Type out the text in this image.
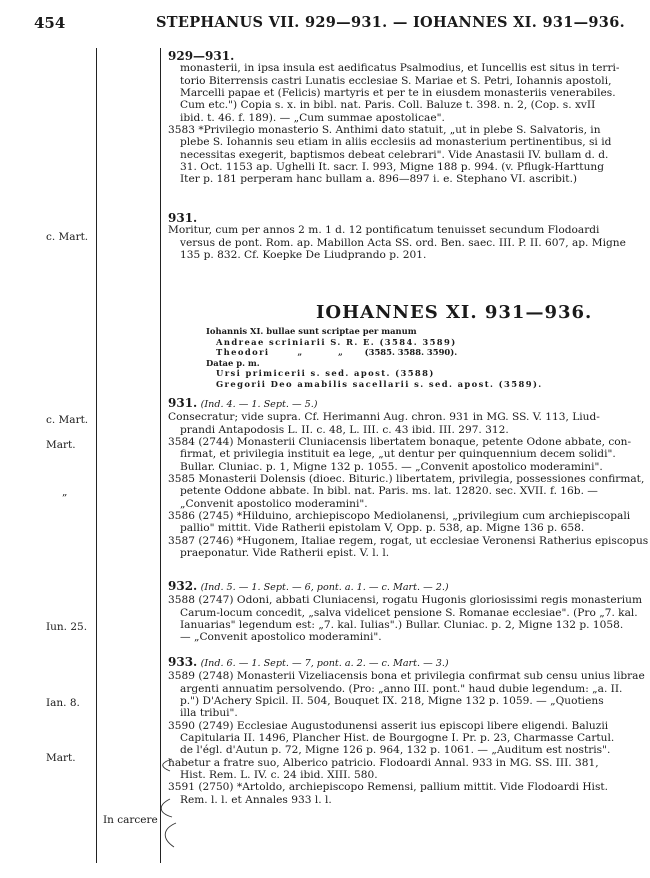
454	STEPHANUS VII. 929—931. — IOHANNES XI. 931—936.
c. Mart.
c. Mart.
Mart.
„
Iun. 25.
Ian. 8.
Mart.
In carcere
929—931.
monasterii, in ipsa insula est aedificatus Psalmodius, et Iuncellis est situs in terri-
torio Biterrensis castri Lunatis ecclesiae S. Mariae et S. Petri, Iohannis apostoli,
Marcelli papae et (Felicis) martyris et per te in eiusdem monasteriis venerabiles.
Cum etc.") Copia s. x. in bibl. nat. Paris. Coll. Baluze t. 398. n. 2, (Cop. s. xvII
ibid. t. 46. f. 189). — „Cum summae apostolicae".
3583 *Privilegio monasterio S. Anthimi dato statuit, „ut in plebe S. Salvatoris, in
plebe S. Iohannis seu etiam in aliis ecclesiis ad monasterium pertinentibus, si id
necessitas exegerit, baptismos debeat celebrari". Vide Anastasii IV. bullam d. d.
31. Oct. 1153 ap. Ughelli It. sacr. I. 993, Migne 188 p. 994. (v. Pflugk-Harttung
Iter p. 181 perperam hanc bullam a. 896—897 i. e. Stephano VI. ascribit.)
931.
Moritur, cum per annos 2 m. 1 d. 12 pontificatum tenuisset secundum Flodoardi
versus de pont. Rom. ap. Mabillon Acta SS. ord. Ben. saec. III. P. II. 607, ap. Migne
135 p. 832. Cf. Koepke De Liudprando p. 201.
IOHANNES XI. 931—936.
Iohannis XI. bullae sunt scriptae per manum
Andreae scriniarii S. R. E. (3584. 3589)
Theodori	„	„	(3585. 3588. 3590).
Datae p. m.
Ursi primicerii s. sed. apost. (3588)
Gregorii Deo amabilis sacellarii s. sed. apost. (3589).
931. (Ind. 4. — 1. Sept. — 5.)
Consecratur; vide supra. Cf. Herimanni Aug. chron. 931 in MG. SS. V. 113, Liud-
prandi Antapodosis L. II. c. 48, L. III. c. 43 ibid. III. 297. 312.
3584 (2744) Monasterii Cluniacensis libertatem bonaque, petente Odone abbate, con-
firmat, et privilegia instituit ea lege, „ut dentur per quinquennium decem solidi".
Bullar. Cluniac. p. 1, Migne 132 p. 1055. — „Convenit apostolico moderamini".
3585 Monasterii Dolensis (dioec. Bituric.) libertatem, privilegia, possessiones confirmat,
petente Oddone abbate. In bibl. nat. Paris. ms. lat. 12820. sec. XVII. f. 16b. —
„Convenit apostolico moderamini".
3586 (2745) *Hilduino, archiepiscopo Mediolanensi, „privilegium cum archiepiscopali
pallio" mittit. Vide Ratherii epistolam V, Opp. p. 538, ap. Migne 136 p. 658.
3587 (2746) *Hugonem, Italiae regem, rogat, ut ecclesiae Veronensi Ratherius episcopus
praeponatur. Vide Ratherii epist. V. l. l.
932. (Ind. 5. — 1. Sept. — 6, pont. a. 1. — c. Mart. — 2.)
3588 (2747) Odoni, abbati Cluniacensi, rogatu Hugonis gloriosissimi regis monasterium
Carum-locum concedit, „salva videlicet pensione S. Romanae ecclesiae". (Pro „7. kal.
Ianuarias" legendum est: „7. kal. Iulias".) Bullar. Cluniac. p. 2, Migne 132 p. 1058.
— „Convenit apostolico moderamini".
933. (Ind. 6. — 1. Sept. — 7, pont. a. 2. — c. Mart. — 3.)
3589 (2748) Monasterii Vizeliacensis bona et privilegia confirmat sub censu unius librae
argenti annuatim persolvendo. (Pro: „anno III. pont." haud dubie legendum: „a. II.
p.") D'Achery Spicil. II. 504, Bouquet IX. 218, Migne 132 p. 1059. — „Quotiens
illa tribui".
3590 (2749) Ecclesiae Augustodunensi asserit ius episcopi libere eligendi. Baluzii
Capitularia II. 1496, Plancher Hist. de Bourgogne I. Pr. p. 23, Charmasse Cartul.
de l'égl. d'Autun p. 72, Migne 126 p. 964, 132 p. 1061. — „Auditum est nostris".
habetur a fratre suo, Alberico patricio. Flodoardi Annal. 933 in MG. SS. III. 381,
Hist. Rem. L. IV. c. 24 ibid. XIII. 580.
3591 (2750) *Artoldo, archiepiscopo Remensi, pallium mittit. Vide Flodoardi Hist.
Rem. l. l. et Annales 933 l. l.
